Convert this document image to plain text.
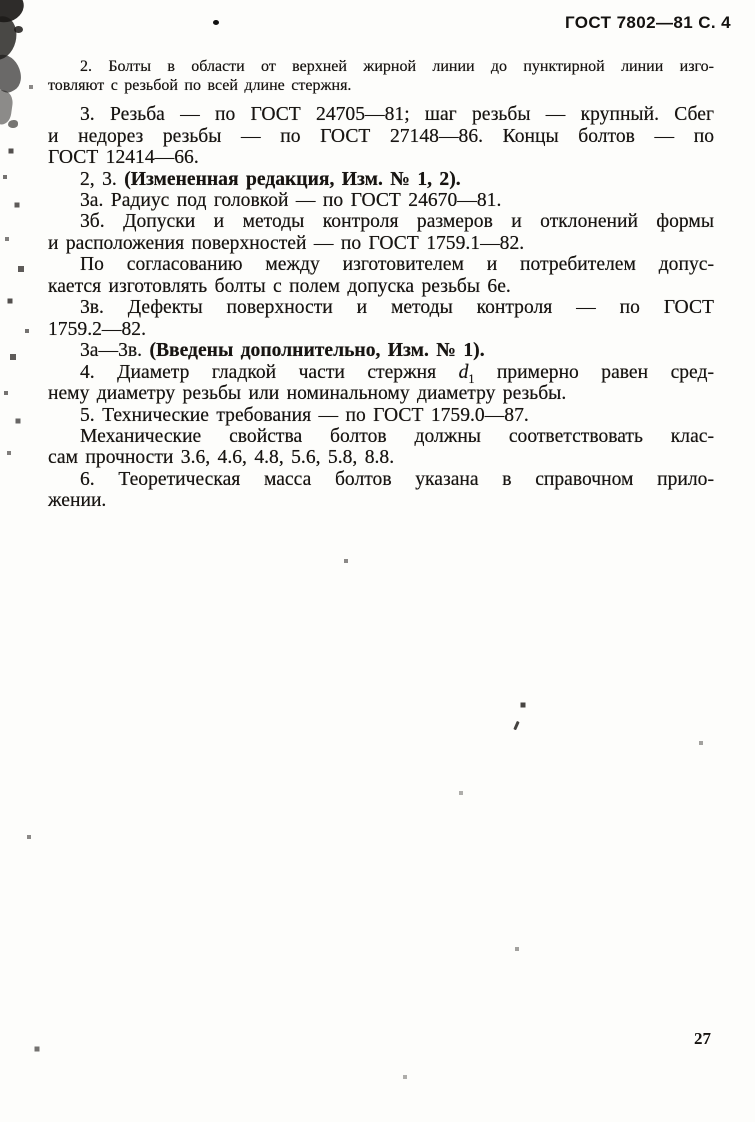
ГОСТ 7802—81 С. 4

2. Болты в области от верхней жирной линии до пунктирной линии изго-
товляют с резьбой по всей длине стержня.

3. Резьба — по ГОСТ 24705—81; шаг резьбы — крупный. Сбег
и недорез резьбы — по ГОСТ 27148—86. Концы болтов — по
ГОСТ 12414—66.

2, 3. (Измененная редакция, Изм. № 1, 2).

3а. Радиус под головкой — по ГОСТ 24670—81.

3б. Допуски и методы контроля размеров и отклонений формы
и расположения поверхностей — по ГОСТ 1759.1—82.

По согласованию между изготовителем и потребителем допус-
кается изготовлять болты с полем допуска резьбы 6е.

3в. Дефекты поверхности и методы контроля — по ГОСТ
1759.2—82.

3а—3в. (Введены дополнительно, Изм. № 1).

4. Диаметр гладкой части стержня $d_1$ примерно равен сред-
нему диаметру резьбы или номинальному диаметру резьбы.

5. Технические требования — по ГОСТ 1759.0—87.

Механические свойства болтов должны соответствовать клас-
сам прочности 3.6, 4.6, 4.8, 5.6, 5.8, 8.8.

6. Теоретическая масса болтов указана в справочном прило-
жении.

27
